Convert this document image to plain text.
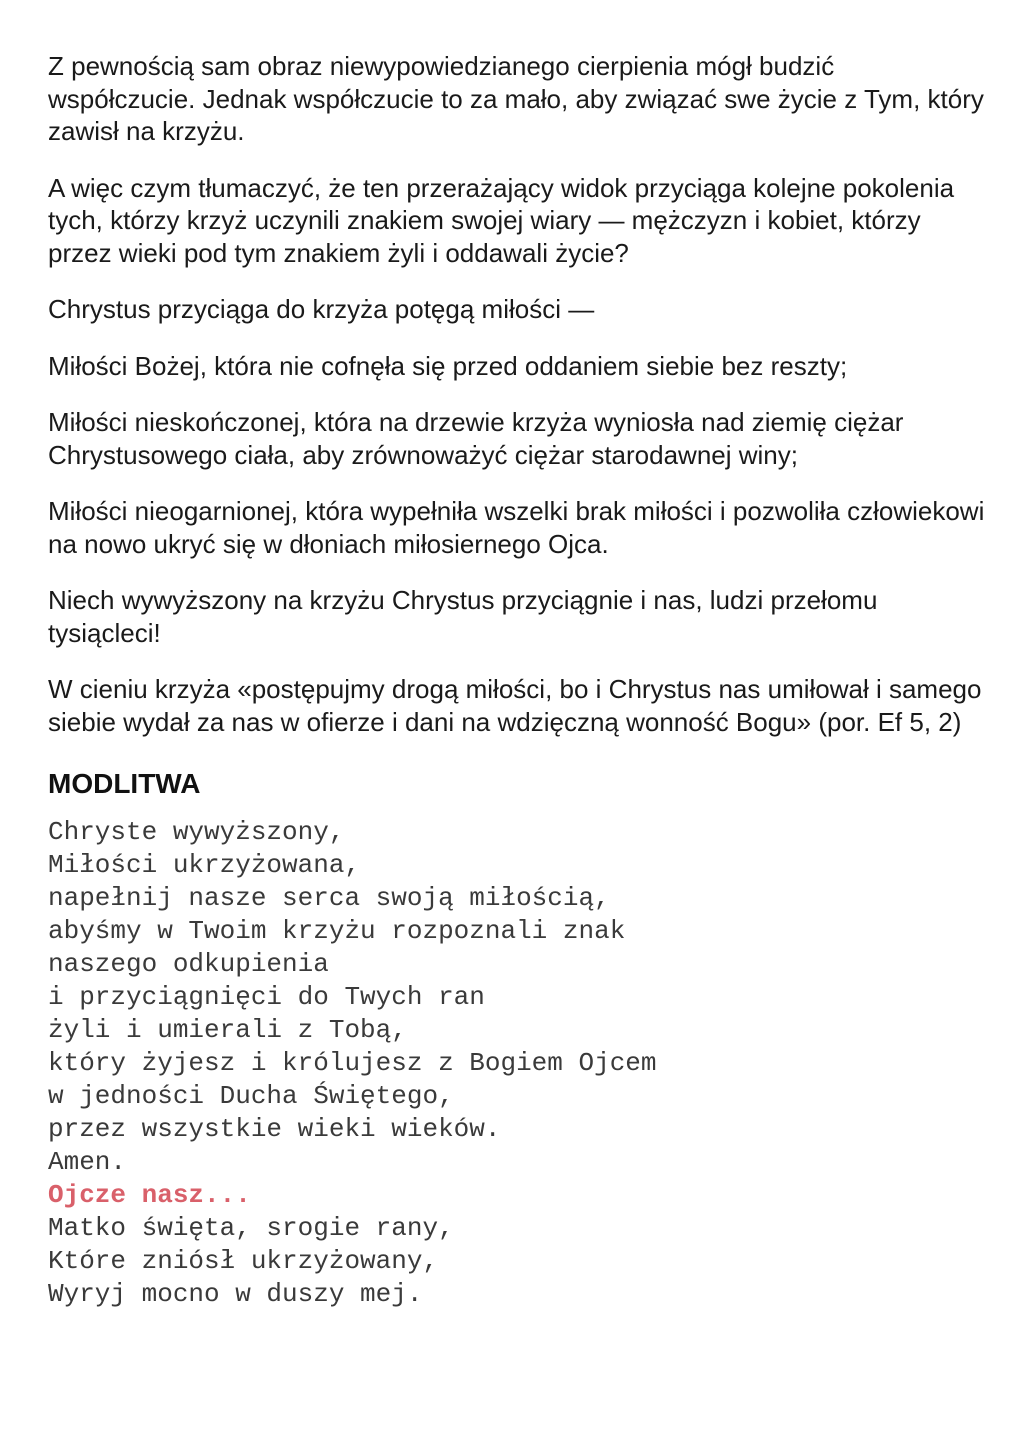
Z pewnością sam obraz niewypowiedzianego cierpienia mógł budzić współczucie. Jednak współczucie to za mało, aby związać swe życie z Tym, który zawisł na krzyżu.

A więc czym tłumaczyć, że ten przerażający widok przyciąga kolejne pokolenia tych, którzy krzyż uczynili znakiem swojej wiary — mężczyzn i kobiet, którzy przez wieki pod tym znakiem żyli i oddawali życie?

Chrystus przyciąga do krzyża potęgą miłości —

Miłości Bożej, która nie cofnęła się przed oddaniem siebie bez reszty;

Miłości nieskończonej, która na drzewie krzyża wyniosła nad ziemię ciężar Chrystusowego ciała, aby zrównoważyć ciężar starodawnej winy;

Miłości nieogarnionej, która wypełniła wszelki brak miłości i pozwoliła człowiekowi na nowo ukryć się w dłoniach miłosiernego Ojca.

Niech wywyższony na krzyżu Chrystus przyciągnie i nas, ludzi przełomu tysiącleci!

W cieniu krzyża «postępujmy drogą miłości, bo i Chrystus nas umiłował i samego siebie wydał za nas w ofierze i dani na wdzięczną wonność Bogu» (por. Ef 5, 2)

MODLITWA
Chryste wywyższony,
Miłości ukrzyżowana,
napełnij nasze serca swoją miłością,
abyśmy w Twoim krzyżu rozpoznali znak
naszego odkupienia
i przyciągnięci do Twych ran
żyli i umierali z Tobą,
który żyjesz i królujesz z Bogiem Ojcem
w jedności Ducha Świętego,
przez wszystkie wieki wieków.
Amen.
Ojcze nasz...
Matko święta, srogie rany,
Które zniósł ukrzyżowany,
Wyryj mocno w duszy mej.
